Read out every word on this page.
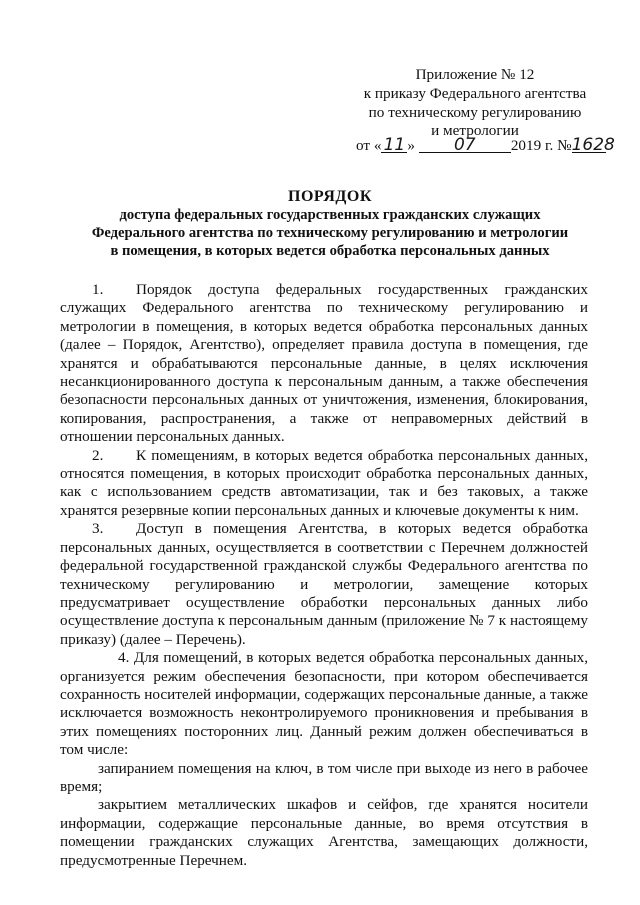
Приложение № 12
к приказу Федерального агентства
по техническому регулированию
и метрологии
от « 11 » 07 2019 г. №1628
ПОРЯДОК
доступа федеральных государственных гражданских служащих
Федерального агентства по техническому регулированию и метрологии
в помещения, в которых ведется обработка персональных данных

1. Порядок доступа федеральных государственных гражданских служащих Федерального агентства по техническому регулированию и метрологии в помещения, в которых ведется обработка персональных данных (далее – Порядок, Агентство), определяет правила доступа в помещения, где хранятся и обрабатываются персональные данные, в целях исключения несанкционированного доступа к персональным данным, а также обеспечения безопасности персональных данных от уничтожения, изменения, блокирования, копирования, распространения, а также от неправомерных действий в отношении персональных данных.

2. К помещениям, в которых ведется обработка персональных данных, относятся помещения, в которых происходит обработка персональных данных, как с использованием средств автоматизации, так и без таковых, а также хранятся резервные копии персональных данных и ключевые документы к ним.

3. Доступ в помещения Агентства, в которых ведется обработка персональных данных, осуществляется в соответствии с Перечнем должностей федеральной государственной гражданской службы Федерального агентства по техническому регулированию и метрологии, замещение которых предусматривает осуществление обработки персональных данных либо осуществление доступа к персональным данным (приложение № 7 к настоящему приказу) (далее – Перечень).

4. Для помещений, в которых ведется обработка персональных данных, организуется режим обеспечения безопасности, при котором обеспечивается сохранность носителей информации, содержащих персональные данные, а также исключается возможность неконтролируемого проникновения и пребывания в этих помещениях посторонних лиц. Данный режим должен обеспечиваться в том числе:

запиранием помещения на ключ, в том числе при выходе из него в рабочее время;

закрытием металлических шкафов и сейфов, где хранятся носители информации, содержащие персональные данные, во время отсутствия в помещении гражданских служащих Агентства, замещающих должности, предусмотренные Перечнем.
